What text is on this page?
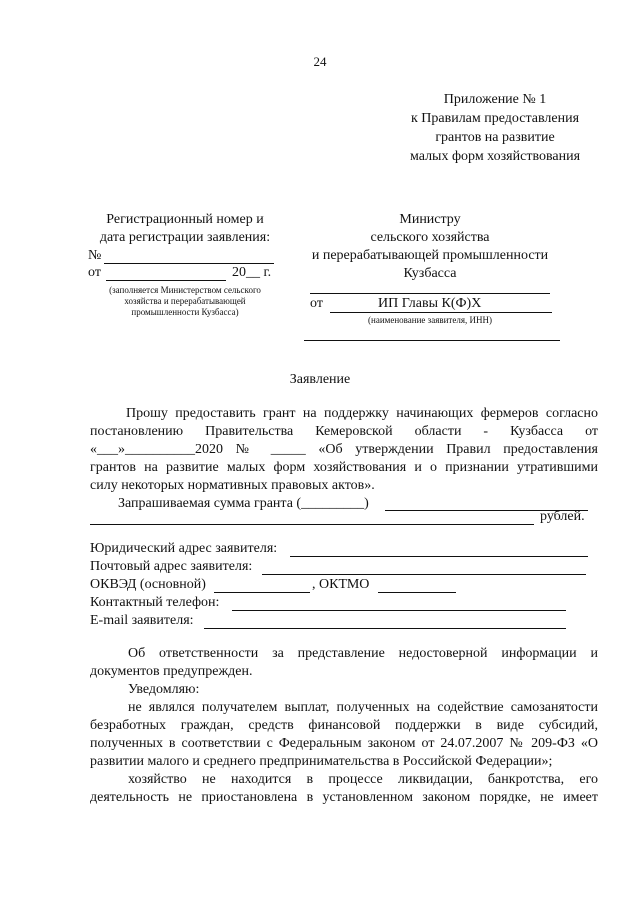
24
Приложение № 1
к Правилам предоставления
грантов на развитие
малых форм хозяйствования
Регистрационный номер и
дата регистрации заявления:
№
от	20__ г.
(заполняется Министерством сельского
хозяйства и перерабатывающей
промышленности Кузбасса)
Министру
сельского хозяйства
и перерабатывающей промышленности
Кузбасса
от	ИП Главы К(Ф)Х
(наименование заявителя, ИНН)
Заявление
Прошу предоставить грант на поддержку начинающих фермеров согласно
постановлению Правительства Кемеровской области - Кузбасса от
«___»__________2020 № _____ «Об утверждении Правил предоставления
грантов на развитие малых форм хозяйствования и о признании утратившими
силу некоторых нормативных правовых актов».
Запрашиваемая сумма гранта (_________)
рублей.
Юридический адрес заявителя:
Почтовый адрес заявителя:
ОКВЭД (основной)	, ОКТМО
Контактный телефон:
E-mail заявителя:
Об ответственности за представление недостоверной информации и
документов предупрежден.
Уведомляю:
не являлся получателем выплат, полученных на содействие самозанятости
безработных граждан, средств финансовой поддержки в виде субсидий,
полученных в соответствии с Федеральным законом от 24.07.2007 № 209-ФЗ «О
развитии малого и среднего предпринимательства в Российской Федерации»;
хозяйство не находится в процессе ликвидации, банкротства, его
деятельность не приостановлена в установленном законом порядке, не имеет
